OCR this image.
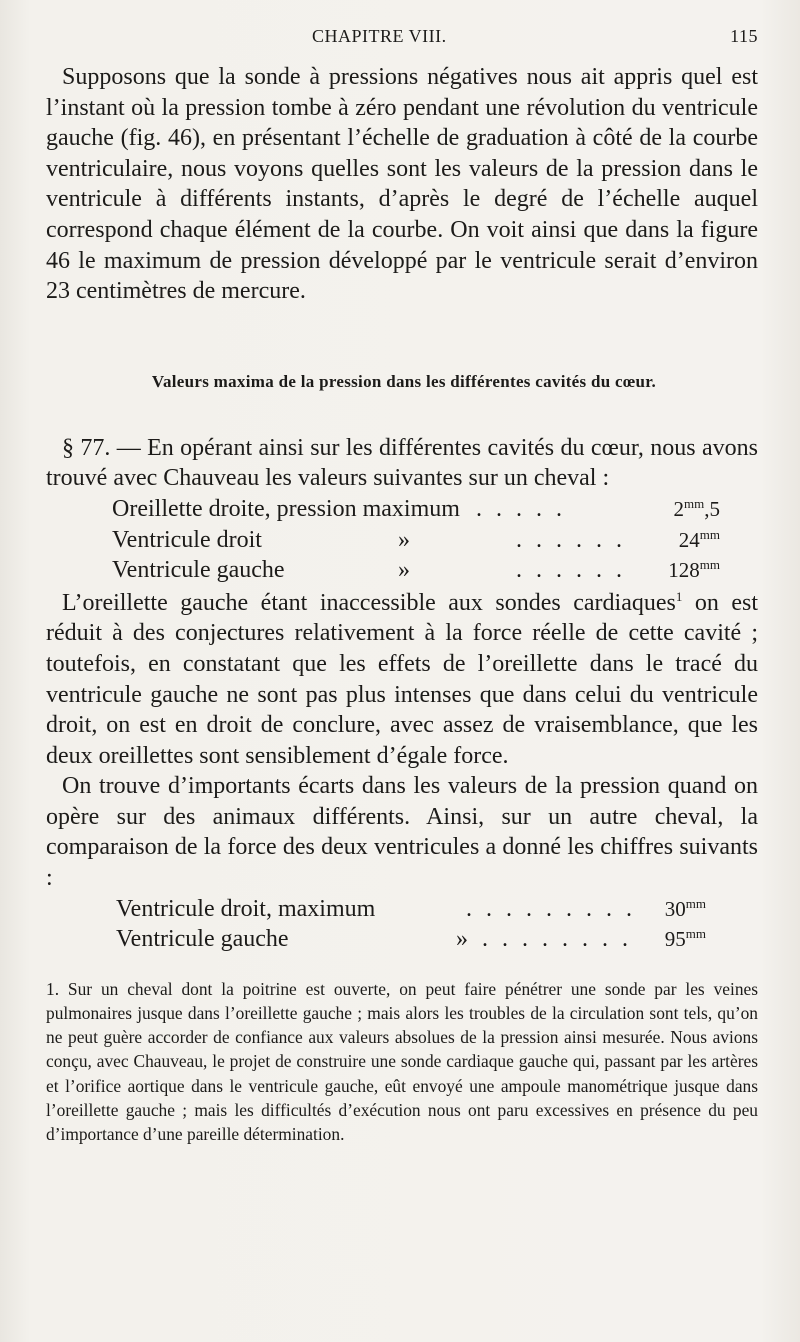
CHAPITRE VIII.	115

Supposons que la sonde à pressions négatives nous ait appris quel est l’instant où la pression tombe à zéro pendant une révolution du ventricule gauche (fig. 46), en présentant l’échelle de graduation à côté de la courbe ventriculaire, nous voyons quelles sont les valeurs de la pression dans le ventricule à différents instants, d’après le degré de l’échelle auquel correspond chaque élément de la courbe. On voit ainsi que dans la figure 46 le maximum de pression développé par le ventricule serait d’environ 23 centimètres de mercure.

Valeurs maxima de la pression dans les différentes cavités du cœur.

§ 77. — En opérant ainsi sur les différentes cavités du cœur, nous avons trouvé avec Chauveau les valeurs suivantes sur un cheval :

Oreillette droite, pression maximum . . . . .	$2^{mm},5$
Ventricule droit	»	. . . . . .	$24^{mm}$
Ventricule gauche	»	. . . . . . $128^{mm}$

L’oreillette gauche étant inaccessible aux sondes cardiaques$^1$ on est réduit à des conjectures relativement à la force réelle de cette cavité ; toutefois, en constatant que les effets de l’oreillette dans le tracé du ventricule gauche ne sont pas plus intenses que dans celui du ventricule droit, on est en droit de conclure, avec assez de vraisemblance, que les deux oreillettes sont sensiblement d’égale force.

On trouve d’importants écarts dans les valeurs de la pression quand on opère sur des animaux différents. Ainsi, sur un autre cheval, la comparaison de la force des deux ventricules a donné les chiffres suivants :

Ventricule droit, maximum	. . . . . . . . . $30^{mm}$
Ventricule gauche	» . . . . . . . . $95^{mm}$

1. Sur un cheval dont la poitrine est ouverte, on peut faire pénétrer une sonde par les veines pulmonaires jusque dans l’oreillette gauche ; mais alors les troubles de la circulation sont tels, qu’on ne peut guère accorder de confiance aux valeurs absolues de la pression ainsi mesurée. Nous avions conçu, avec Chauveau, le projet de construire une sonde cardiaque gauche qui, passant par les artères et l’orifice aortique dans le ventricule gauche, eût envoyé une ampoule manométrique jusque dans l’oreillette gauche ; mais les difficultés d’exécution nous ont paru excessives en présence du peu d’importance d’une pareille détermination.
